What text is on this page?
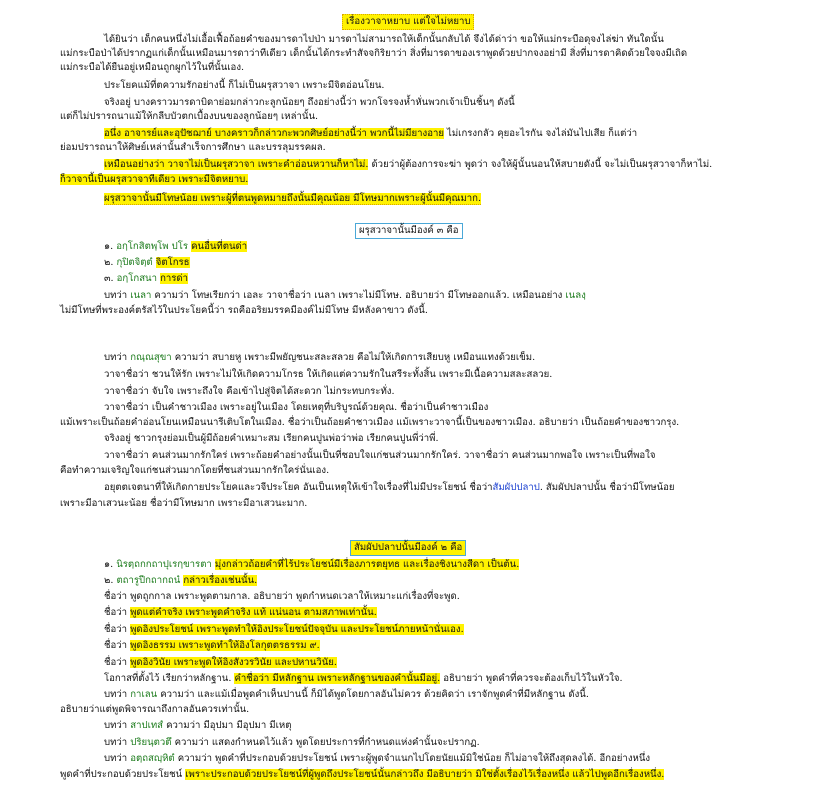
เรื่องวาจาหยาบ แต่ใจไม่หยาบ
ได้ยินว่า เด็กคนหนึ่งไม่เอื้อเฟื้อถ้อยคำของมารดาไปป่า มารดาไม่สามารถให้เด็กนั้นกลับได้ จึงได้ด่าว่า ขอให้แม่กระบือดุจงไล่ฆ่า ทันใดนั้น
แม่กระบือป่าได้ปรากฏแก่เด็กนั้นเหมือนมารดาว่าทีเดียว เด็กนั้นได้กระทำสัจจกิริยาว่า สิ่งที่มารดาของเราพูดด้วยปากจงอย่ามี สิ่งที่มารดาคิดด้วยใจจงมีเถิด
แม่กระบือได้ยืนอยู่เหมือนถูกผูกไว้ในที่นั้นเอง.
ประโยคแม้ที่ตความรักอย่างนี้ ก็ไม่เป็นผรุสวาจา เพราะมีจิตอ่อนโยน.
จริงอยู่ บางคราวมารดาบิดาย่อมกล่าวกะลูกน้อยๆ ถึงอย่างนี้ว่า พวกโจรจงห้ำหั่นพวกเจ้าเป็นชิ้นๆ ดังนี้
แต่ก็ไม่ปรารถนาแม้ให้กลีบบัวตกเบื้องบนของลูกน้อยๆ เหล่านั้น.
อนึ่ง อาจารย์และอุปัชฌาย์ บางคราวก็กล่าวกะพวกศิษย์อย่างนี้ว่า พวกนี้ไม่มียางอาย ไม่เกรงกลัว คุยอะไรกัน จงไล่มันไปเสีย ก็แต่ว่า
ย่อมปรารถนาให้ศิษย์เหล่านั้นสำเร็จการศึกษา และบรรลุมรรคผล.
เหมือนอย่างว่า วาจาไม่เป็นผรุสวาจา เพราะคำอ่อนหวานก็หาไม่. ด้วยว่าผู้ต้องการจะฆ่า พูดว่า จงให้ผู้นั้นนอนให้สบายดังนี้ จะไม่เป็นผรุสวาจาก็หาไม่.
ก็วาจานี้เป็นผรุสวาจาทีเดียว เพราะมีจิตหยาบ.
ผรุสวาจานั้นมีโทษน้อย เพราะผู้ที่ตนพูดหมายถึงนั้นมีคุณน้อย มีโทษมากเพราะผู้นั้นมีคุณมาก.
ผรุสวาจานั้นมีองค์ ๓ คือ
๑. อกฺโกสิตพฺโพ ปโร คนอื่นที่ตนด่า
๒. กุปิตจิตฺตํ จิตโกรธ
๓. อกฺโกสนา การด่า
บทว่า เนลา ความว่า โทษเรียกว่า เอละ วาจาชื่อว่า เนลา เพราะไม่มีโทษ. อธิบายว่า มีโทษออกแล้ว. เหมือนอย่าง เนลงฺ
ไม่มีโทษที่พระองค์ตรัสไว้ในประโยคนี้ว่า รถคืออริยมรรคมีองค์ไม่มีโทษ มีหลังคาขาว ดังนี้.
บทว่า กณฺณสุขา ความว่า สบายหู เพราะมีพยัญชนะสละสลวย คือไม่ให้เกิดการเสียบหู เหมือนแทงด้วยเข็ม.
วาจาชื่อว่า ชวนให้รัก เพราะไม่ให้เกิดความโกรธ ให้เกิดแต่ความรักในสรีระทั้งสิ้น เพราะมีเนื้อความสละสลวย.
วาจาชื่อว่า จับใจ เพราะถึงใจ คือเข้าไปสู่จิตได้สะดวก ไม่กระทบกระทั่ง.
วาจาชื่อว่า เป็นคำชาวเมือง เพราะอยู่ในเมือง โดยเหตุที่บริบูรณ์ด้วยคุณ. ชื่อว่าเป็นคำชาวเมือง
แม้เพราะเป็นถ้อยคำอ่อนโยนเหมือนนารีเติบโตในเมือง. ชื่อว่าเป็นถ้อยคำชาวเมือง แม้เพราะวาจานี้เป็นของชาวเมือง. อธิบายว่า เป็นถ้อยคำของชาวกรุง.
จริงอยู่ ชาวกรุงย่อมเป็นผู้มีถ้อยคำเหมาะสม เรียกคนปูนพ่อว่าพ่อ เรียกคนปูนพี่ว่าพี่.
วาจาชื่อว่า คนส่วนมากรักใคร่ เพราะถ้อยคำอย่างนั้นเป็นที่ชอบใจแก่ชนส่วนมากรักใคร่. วาจาชื่อว่า คนส่วนมากพอใจ เพราะเป็นที่พอใจ
คือทำความเจริญใจแก่ชนส่วนมากโดยที่ชนส่วนมากรักใคร่นั่นเอง.
อยุตตเจตนาที่ให้เกิดกายประโยคและวจีประโยค อันเป็นเหตุให้เข้าใจเรื่องที่ไม่มีประโยชน์ ชื่อว่าสัมผัปปลาป. สัมผัปปลาปนั้น ชื่อว่ามีโทษน้อย
เพราะมีอาเสวนะน้อย ชื่อว่ามีโทษมาก เพราะมีอาเสวนะมาก.
สัมผัปปลาปนั้นมีองค์ ๒ คือ
๑. นิรตฺถกกถาปุเรกฺขารตา มุ่งกล่าวถ้อยคำที่ไร้ประโยชน์มีเรื่องภารตยุทธ และเรื่องชิงนางสีดา เป็นต้น.
๒. ตถารูปีกถากถนํ กล่าวเรื่องเช่นนั้น.
ชื่อว่า พูดถูกกาล เพราะพูดตามกาล. อธิบายว่า พูดกำหนดเวลาให้เหมาะแก่เรื่องที่จะพูด.
ชื่อว่า พูดแต่คำจริง เพราะพูดคำจริง แท้ แน่นอน ตามสภาพเท่านั้น.
ชื่อว่า พูดอิงประโยชน์ เพราะพูดทำให้อิงประโยชน์ปัจจุบัน และประโยชน์ภายหน้านั่นเอง.
ชื่อว่า พูดอิงธรรม เพราะพูดทำให้อิงโลกุตตรธรรม ๙.
ชื่อว่า พูดอิงวินัย เพราะพูดให้อิงสังวรวินัย และปหานวินัย.
โอกาสที่ตั้งไว้ เรียกว่าหลักฐาน. คำชื่อว่า มีหลักฐาน เพราะหลักฐานของคำนั้นมีอยู่. อธิบายว่า พูดคำที่ควรจะต้องเก็บไว้ในหัวใจ.
บทว่า กาเลน ความว่า และแม้เมื่อพูดคำเห็นปานนี้ ก็มิได้พูดโดยกาลอันไม่ควร ด้วยคิดว่า เราจักพูดคำที่มีหลักฐาน ดังนี้.
อธิบายว่าแต่พูดพิจารณาถึงกาลอันควรเท่านั้น.
บทว่า สาปเทสํ ความว่า มีอุปมา มีอุปมา มีเหตุ
บทว่า ปริยนฺตวตึ ความว่า แสดงกำหนดไว้แล้ว พูดโดยประการที่กำหนดแห่งคำนั้นจะปรากฏ.
บทว่า อตฺถสญฺหิตํ ความว่า พูดคำที่ประกอบด้วยประโยชน์ เพราะผู้พูดจำแนกไปโดยนัยแม้มิใช่น้อย ก็ไม่อาจให้ถึงสุดลงได้. อีกอย่างหนึ่ง
พูดคำที่ประกอบด้วยประโยชน์ เพราะประกอบด้วยประโยชน์ที่ผู้พูดถึงประโยชน์นั้นกล่าวถึง มีอธิบายว่า มิใช่ตั้งเรื่องไว้เรื่องหนึ่ง แล้วไปพูดอีกเรื่องหนึ่ง.
